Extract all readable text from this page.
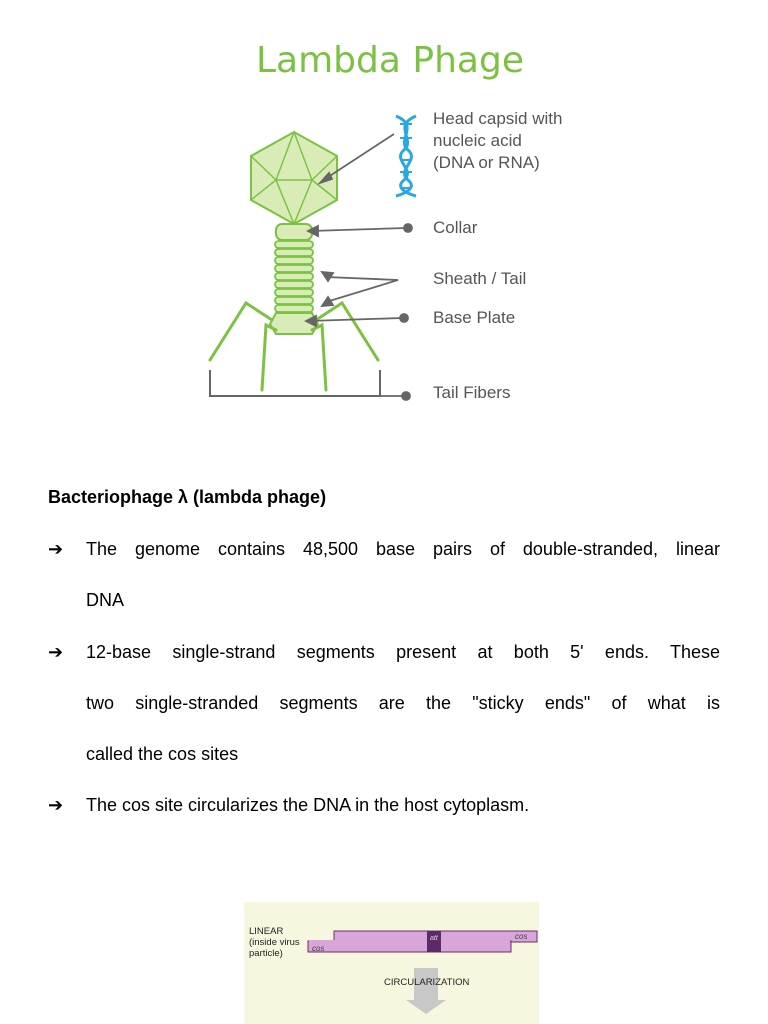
Lambda Phage
Head capsid with
nucleic acid
(DNA or RNA)
Collar
Sheath / Tail
Base Plate
Tail Fibers
Bacteriophage λ (lambda phage)
➔ The genome contains 48,500 base pairs of double-stranded, linear
DNA
➔ 12-base single-strand segments present at both 5' ends. These
two single-stranded segments are the "sticky ends" of what is
called the cos sites
➔ The cos site circularizes the DNA in the host cytoplasm.
LINEAR
(inside virus
particle)	cos
att	cos
CIRCULARIZATION
